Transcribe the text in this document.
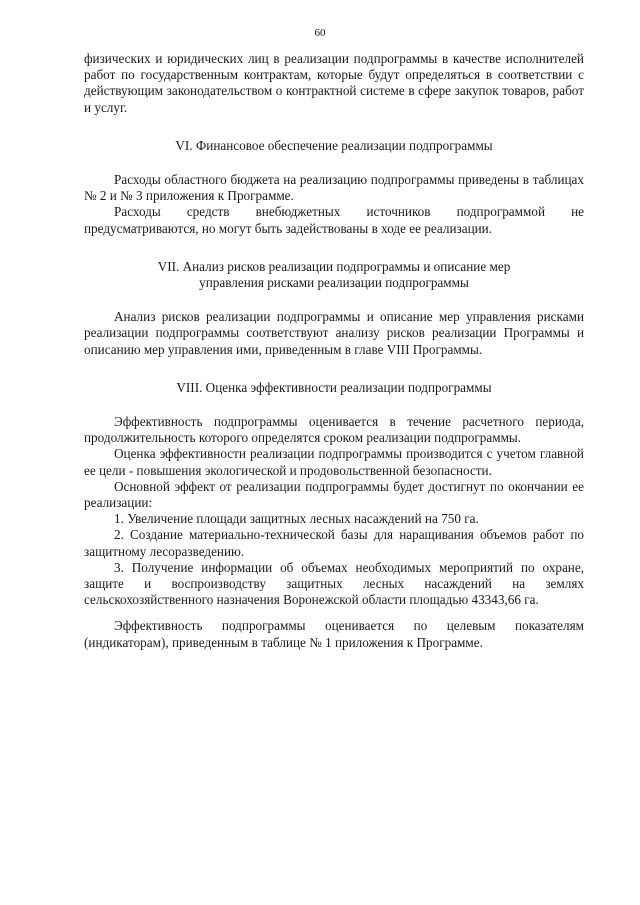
60

физических и юридических лиц в реализации подпрограммы в качестве исполнителей работ по государственным контрактам, которые будут определяться в соответствии с действующим законодательством о контрактной системе в сфере закупок товаров, работ и услуг.

VI. Финансовое обеспечение реализации подпрограммы

Расходы областного бюджета на реализацию подпрограммы приведены в таблицах № 2 и № 3 приложения к Программе.

Расходы средств внебюджетных источников подпрограммой не предусматриваются, но могут быть задействованы в ходе ее реализации.

VII. Анализ рисков реализации подпрограммы и описание мер
управления рисками реализации подпрограммы

Анализ рисков реализации подпрограммы и описание мер управления рисками реализации подпрограммы соответствуют анализу рисков реализации Программы и описанию мер управления ими, приведенным в главе VIII Программы.

VIII. Оценка эффективности реализации подпрограммы

Эффективность подпрограммы оценивается в течение расчетного периода, продолжительность которого определятся сроком реализации подпрограммы.

Оценка эффективности реализации подпрограммы производится с учетом главной ее цели - повышения экологической и продовольственной безопасности.

Основной эффект от реализации подпрограммы будет достигнут по окончании ее реализации:

1. Увеличение площади защитных лесных насаждений на 750 га.

2. Создание материально-технической базы для наращивания объемов работ по защитному лесоразведению.

3. Получение информации об объемах необходимых мероприятий по охране, защите и воспроизводству защитных лесных насаждений на землях сельскохозяйственного назначения Воронежской области площадью 43343,66 га.

Эффективность подпрограммы оценивается по целевым показателям (индикаторам), приведенным в таблице № 1 приложения к Программе.
